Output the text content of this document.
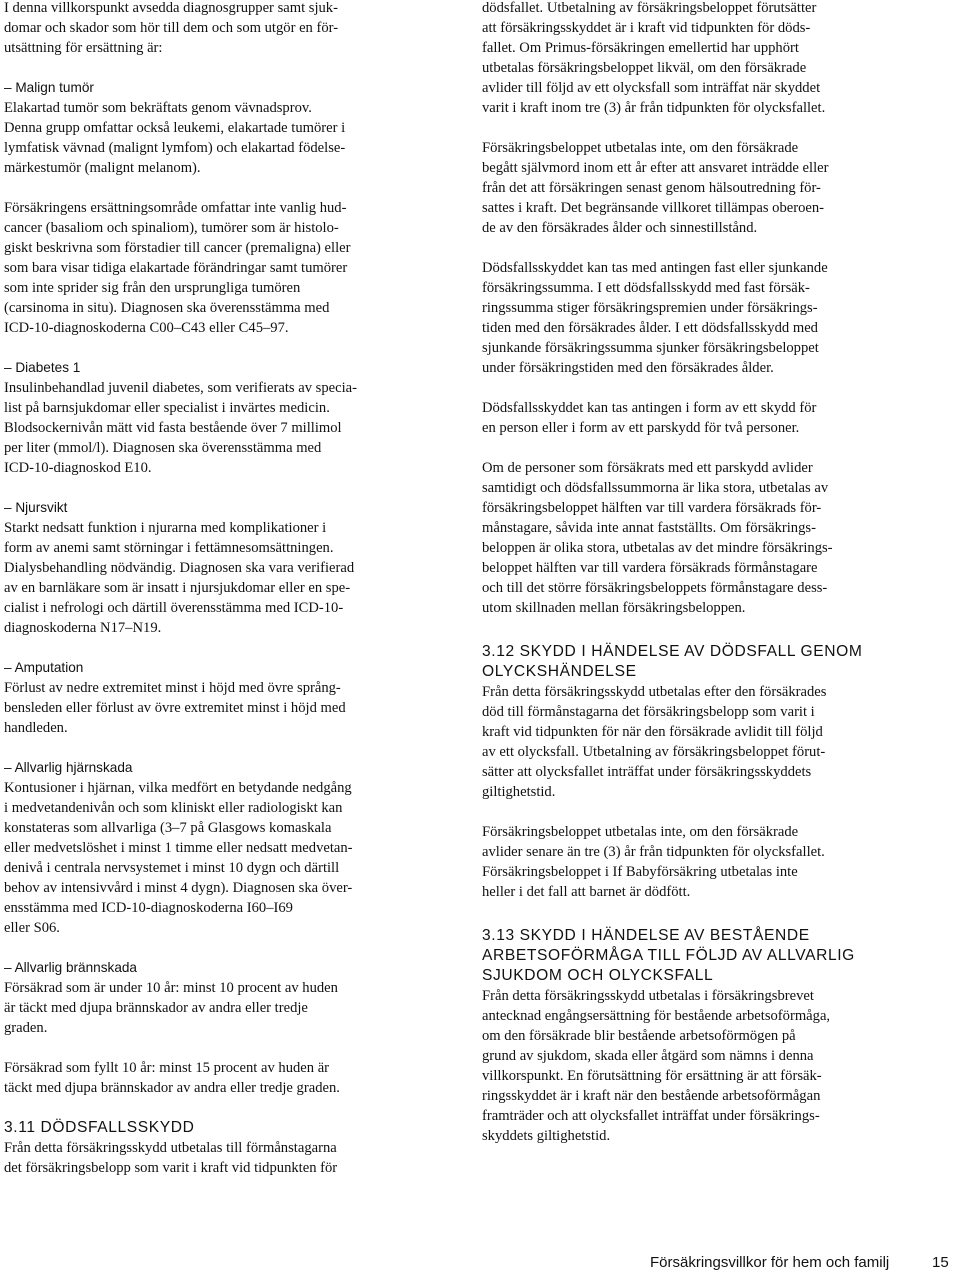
I denna villkorspunkt avsedda diagnosgrupper samt sjuk-
domar och skador som hör till dem och som utgör en för-
utsättning för ersättning är:

– Malign tumör

Elakartad tumör som bekräftats genom vävnadsprov.
Denna grupp omfattar också leukemi, elakartade tumörer i
lymfatisk vävnad (malignt lymfom) och elakartad födelse-
märkestumör (malignt melanom).

Försäkringens ersättningsområde omfattar inte vanlig hud-
cancer (basaliom och spinaliom), tumörer som är histolo-
giskt beskrivna som förstadier till cancer (premaligna) eller
som bara visar tidiga elakartade förändringar samt tumörer
som inte sprider sig från den ursprungliga tumören
(carsinoma in situ). Diagnosen ska överensstämma med
ICD-10-diagnoskoderna C00–C43 eller C45–97.

– Diabetes 1

Insulinbehandlad juvenil diabetes, som verifierats av specia-
list på barnsjukdomar eller specialist i invärtes medicin.
Blodsockernivån mätt vid fasta bestående över 7 millimol
per liter (mmol/l). Diagnosen ska överensstämma med
ICD-10-diagnoskod E10.

– Njursvikt

Starkt nedsatt funktion i njurarna med komplikationer i
form av anemi samt störningar i fettämnesomsättningen.
Dialysbehandling nödvändig. Diagnosen ska vara verifierad
av en barnläkare som är insatt i njursjukdomar eller en spe-
cialist i nefrologi och därtill överensstämma med ICD-10-
diagnoskoderna N17–N19.

– Amputation

Förlust av nedre extremitet minst i höjd med övre språng-
bensleden eller förlust av övre extremitet minst i höjd med
handleden.

– Allvarlig hjärnskada

Kontusioner i hjärnan, vilka medfört en betydande nedgång
i medvetandenivån och som kliniskt eller radiologiskt kan
konstateras som allvarliga (3–7 på Glasgows komaskala
eller medvetslöshet i minst 1 timme eller nedsatt medvetan-
denivå i centrala nervsystemet i minst 10 dygn och därtill
behov av intensivvård i minst 4 dygn). Diagnosen ska över-
ensstämma med ICD-10-diagnoskoderna I60–I69
eller S06.

– Allvarlig brännskada

Försäkrad som är under 10 år: minst 10 procent av huden
är täckt med djupa brännskador av andra eller tredje
graden.

Försäkrad som fyllt 10 år: minst 15 procent av huden är
täckt med djupa brännskador av andra eller tredje graden.

3.11 DÖDSFALLSSKYDD

Från detta försäkringsskydd utbetalas till förmånstagarna
det försäkringsbelopp som varit i kraft vid tidpunkten för

dödsfallet. Utbetalning av försäkringsbeloppet förutsätter
att försäkringsskyddet är i kraft vid tidpunkten för döds-
fallet. Om Primus-försäkringen emellertid har upphört
utbetalas försäkringsbeloppet likväl, om den försäkrade
avlider till följd av ett olycksfall som inträffat när skyddet
varit i kraft inom tre (3) år från tidpunkten för olycksfallet.

Försäkringsbeloppet utbetalas inte, om den försäkrade
begått självmord inom ett år efter att ansvaret inträdde eller
från det att försäkringen senast genom hälsoutredning för-
sattes i kraft. Det begränsande villkoret tillämpas oberoen-
de av den försäkrades ålder och sinnestillstånd.

Dödsfallsskyddet kan tas med antingen fast eller sjunkande
försäkringssumma. I ett dödsfallsskydd med fast försäk-
ringssumma stiger försäkringspremien under försäkrings-
tiden med den försäkrades ålder. I ett dödsfallsskydd med
sjunkande försäkringssumma sjunker försäkringsbeloppet
under försäkringstiden med den försäkrades ålder.

Dödsfallsskyddet kan tas antingen i form av ett skydd för
en person eller i form av ett parskydd för två personer.

Om de personer som försäkrats med ett parskydd avlider
samtidigt och dödsfallssummorna är lika stora, utbetalas av
försäkringsbeloppet hälften var till vardera försäkrads för-
månstagare, såvida inte annat fastställts. Om försäkrings-
beloppen är olika stora, utbetalas av det mindre försäkrings-
beloppet hälften var till vardera försäkrads förmånstagare
och till det större försäkringsbeloppets förmånstagare dess-
utom skillnaden mellan försäkringsbeloppen.

3.12 SKYDD I HÄNDELSE AV DÖDSFALL GENOM
OLYCKSHÄNDELSE

Från detta försäkringsskydd utbetalas efter den försäkrades
död till förmånstagarna det försäkringsbelopp som varit i
kraft vid tidpunkten för när den försäkrade avlidit till följd
av ett olycksfall. Utbetalning av försäkringsbeloppet förut-
sätter att olycksfallet inträffat under försäkringsskyddets
giltighetstid.

Försäkringsbeloppet utbetalas inte, om den försäkrade
avlider senare än tre (3) år från tidpunkten för olycksfallet.
Försäkringsbeloppet i If Babyförsäkring utbetalas inte
heller i det fall att barnet är dödfött.

3.13 SKYDD I HÄNDELSE AV BESTÅENDE
ARBETSOFÖRMÅGA TILL FÖLJD AV ALLVARLIG
SJUKDOM OCH OLYCKSFALL

Från detta försäkringsskydd utbetalas i försäkringsbrevet
antecknad engångsersättning för bestående arbetsoförmåga,
om den försäkrade blir bestående arbetsoförmögen på
grund av sjukdom, skada eller åtgärd som nämns i denna
villkorspunkt. En förutsättning för ersättning är att försäk-
ringsskyddet är i kraft när den bestående arbetsoförmågan
framträder och att olycksfallet inträffat under försäkrings-
skyddets giltighetstid.

Försäkringsvillkor för hem och familj	15
